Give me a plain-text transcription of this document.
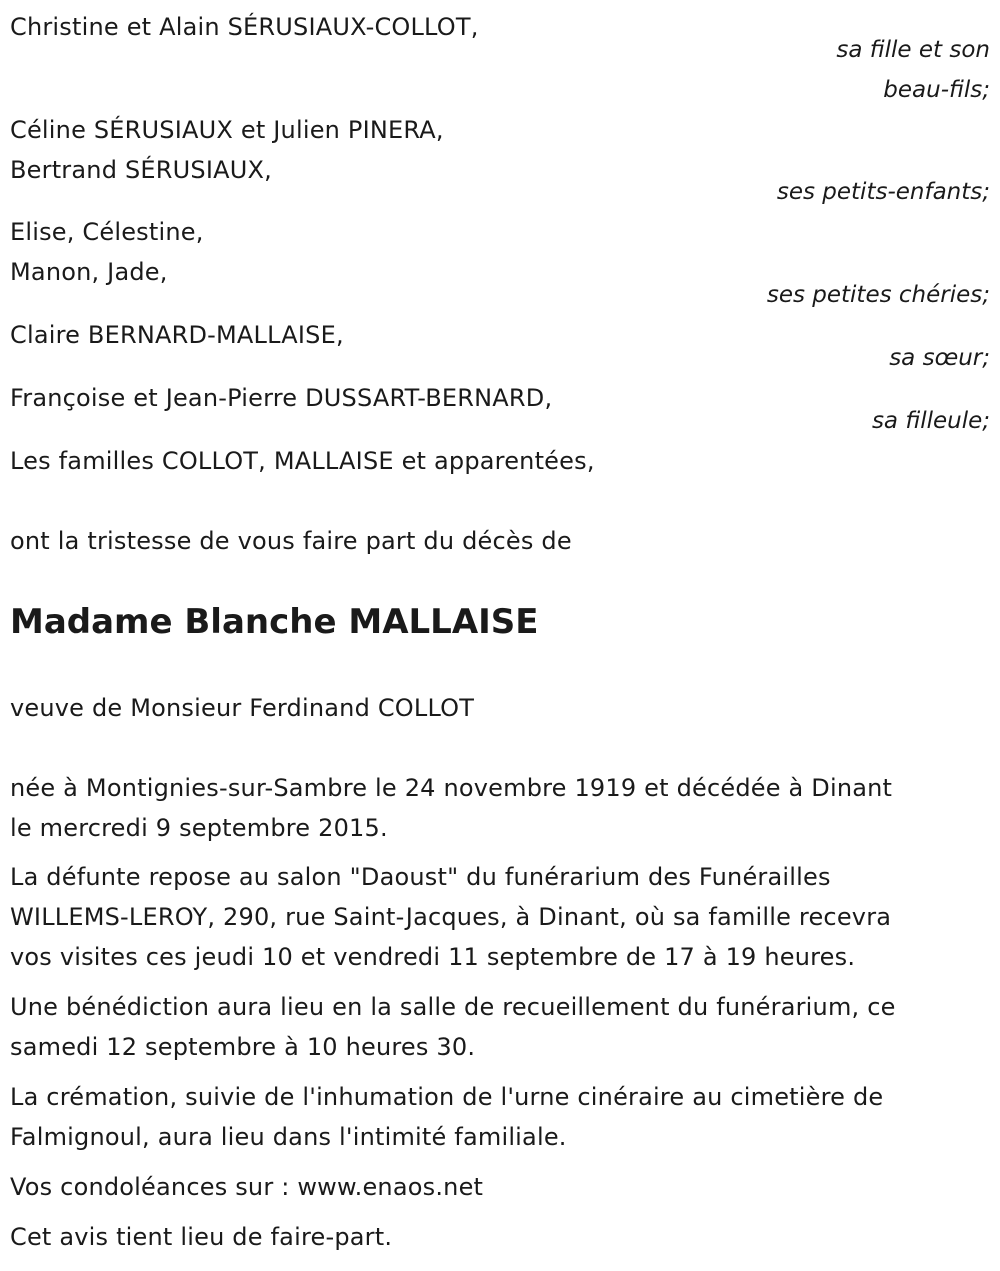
Christine et Alain SÉRUSIAUX-COLLOT,
sa fille et son
beau-fils;
Céline SÉRUSIAUX et Julien PINERA,
Bertrand SÉRUSIAUX,
ses petits-enfants;
Elise, Célestine,
Manon, Jade,
ses petites chéries;
Claire BERNARD-MALLAISE,
sa sœur;
Françoise et Jean-Pierre DUSSART-BERNARD,
sa filleule;
Les familles COLLOT, MALLAISE et apparentées,
ont la tristesse de vous faire part du décès de
Madame Blanche MALLAISE
veuve de Monsieur Ferdinand COLLOT
née à Montignies-sur-Sambre le 24 novembre 1919 et décédée à Dinant
le mercredi 9 septembre 2015.
La défunte repose au salon "Daoust" du funérarium des Funérailles
WILLEMS-LEROY, 290, rue Saint-Jacques, à Dinant, où sa famille recevra
vos visites ces jeudi 10 et vendredi 11 septembre de 17 à 19 heures.
Une bénédiction aura lieu en la salle de recueillement du funérarium, ce
samedi 12 septembre à 10 heures 30.
La crémation, suivie de l'inhumation de l'urne cinéraire au cimetière de
Falmignoul, aura lieu dans l'intimité familiale.
Vos condoléances sur : www.enaos.net
Cet avis tient lieu de faire-part.
